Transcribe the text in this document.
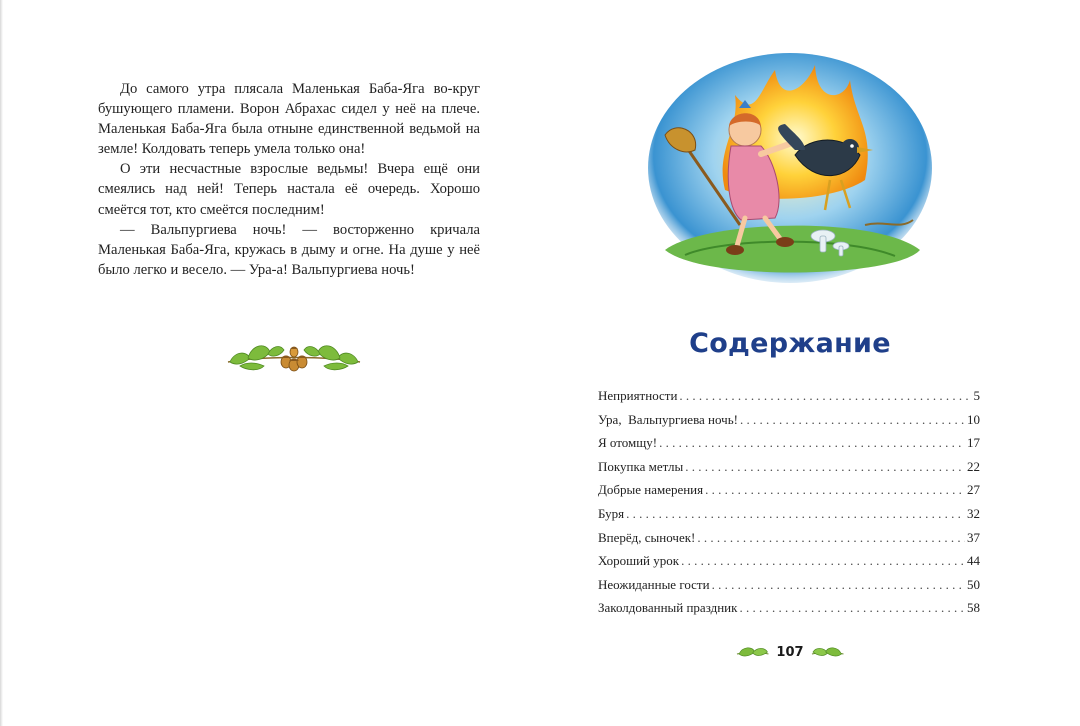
До самого утра плясала Маленькая Баба-Яга во-круг бушующего пламени. Ворон Абрахас сидел у неё на плече. Маленькая Баба-Яга была отныне единственной ведьмой на земле! Колдовать теперь умела только она!

О эти несчастные взрослые ведьмы! Вчера ещё они смеялись над ней! Теперь настала её очередь. Хорошо смеётся тот, кто смеётся последним!

— Вальпургиева ночь! — восторженно кричала Маленькая Баба-Яга, кружась в дыму и огне. На душе у неё было легко и весело. — Ура-а! Вальпургиева ночь!

Содержание
Неприятности . . .	5
Ура,  Вальпургиева ночь! . . .	10
Я отомщу! . . .	17
Покупка метлы . . .	22
Добрые намерения . . .	27
Буря . . .	32
Вперёд, сыночек! . . .	37
Хороший урок . . .	44
Неожиданные гости . . .	50
Заколдованный праздник . . .	58
107
